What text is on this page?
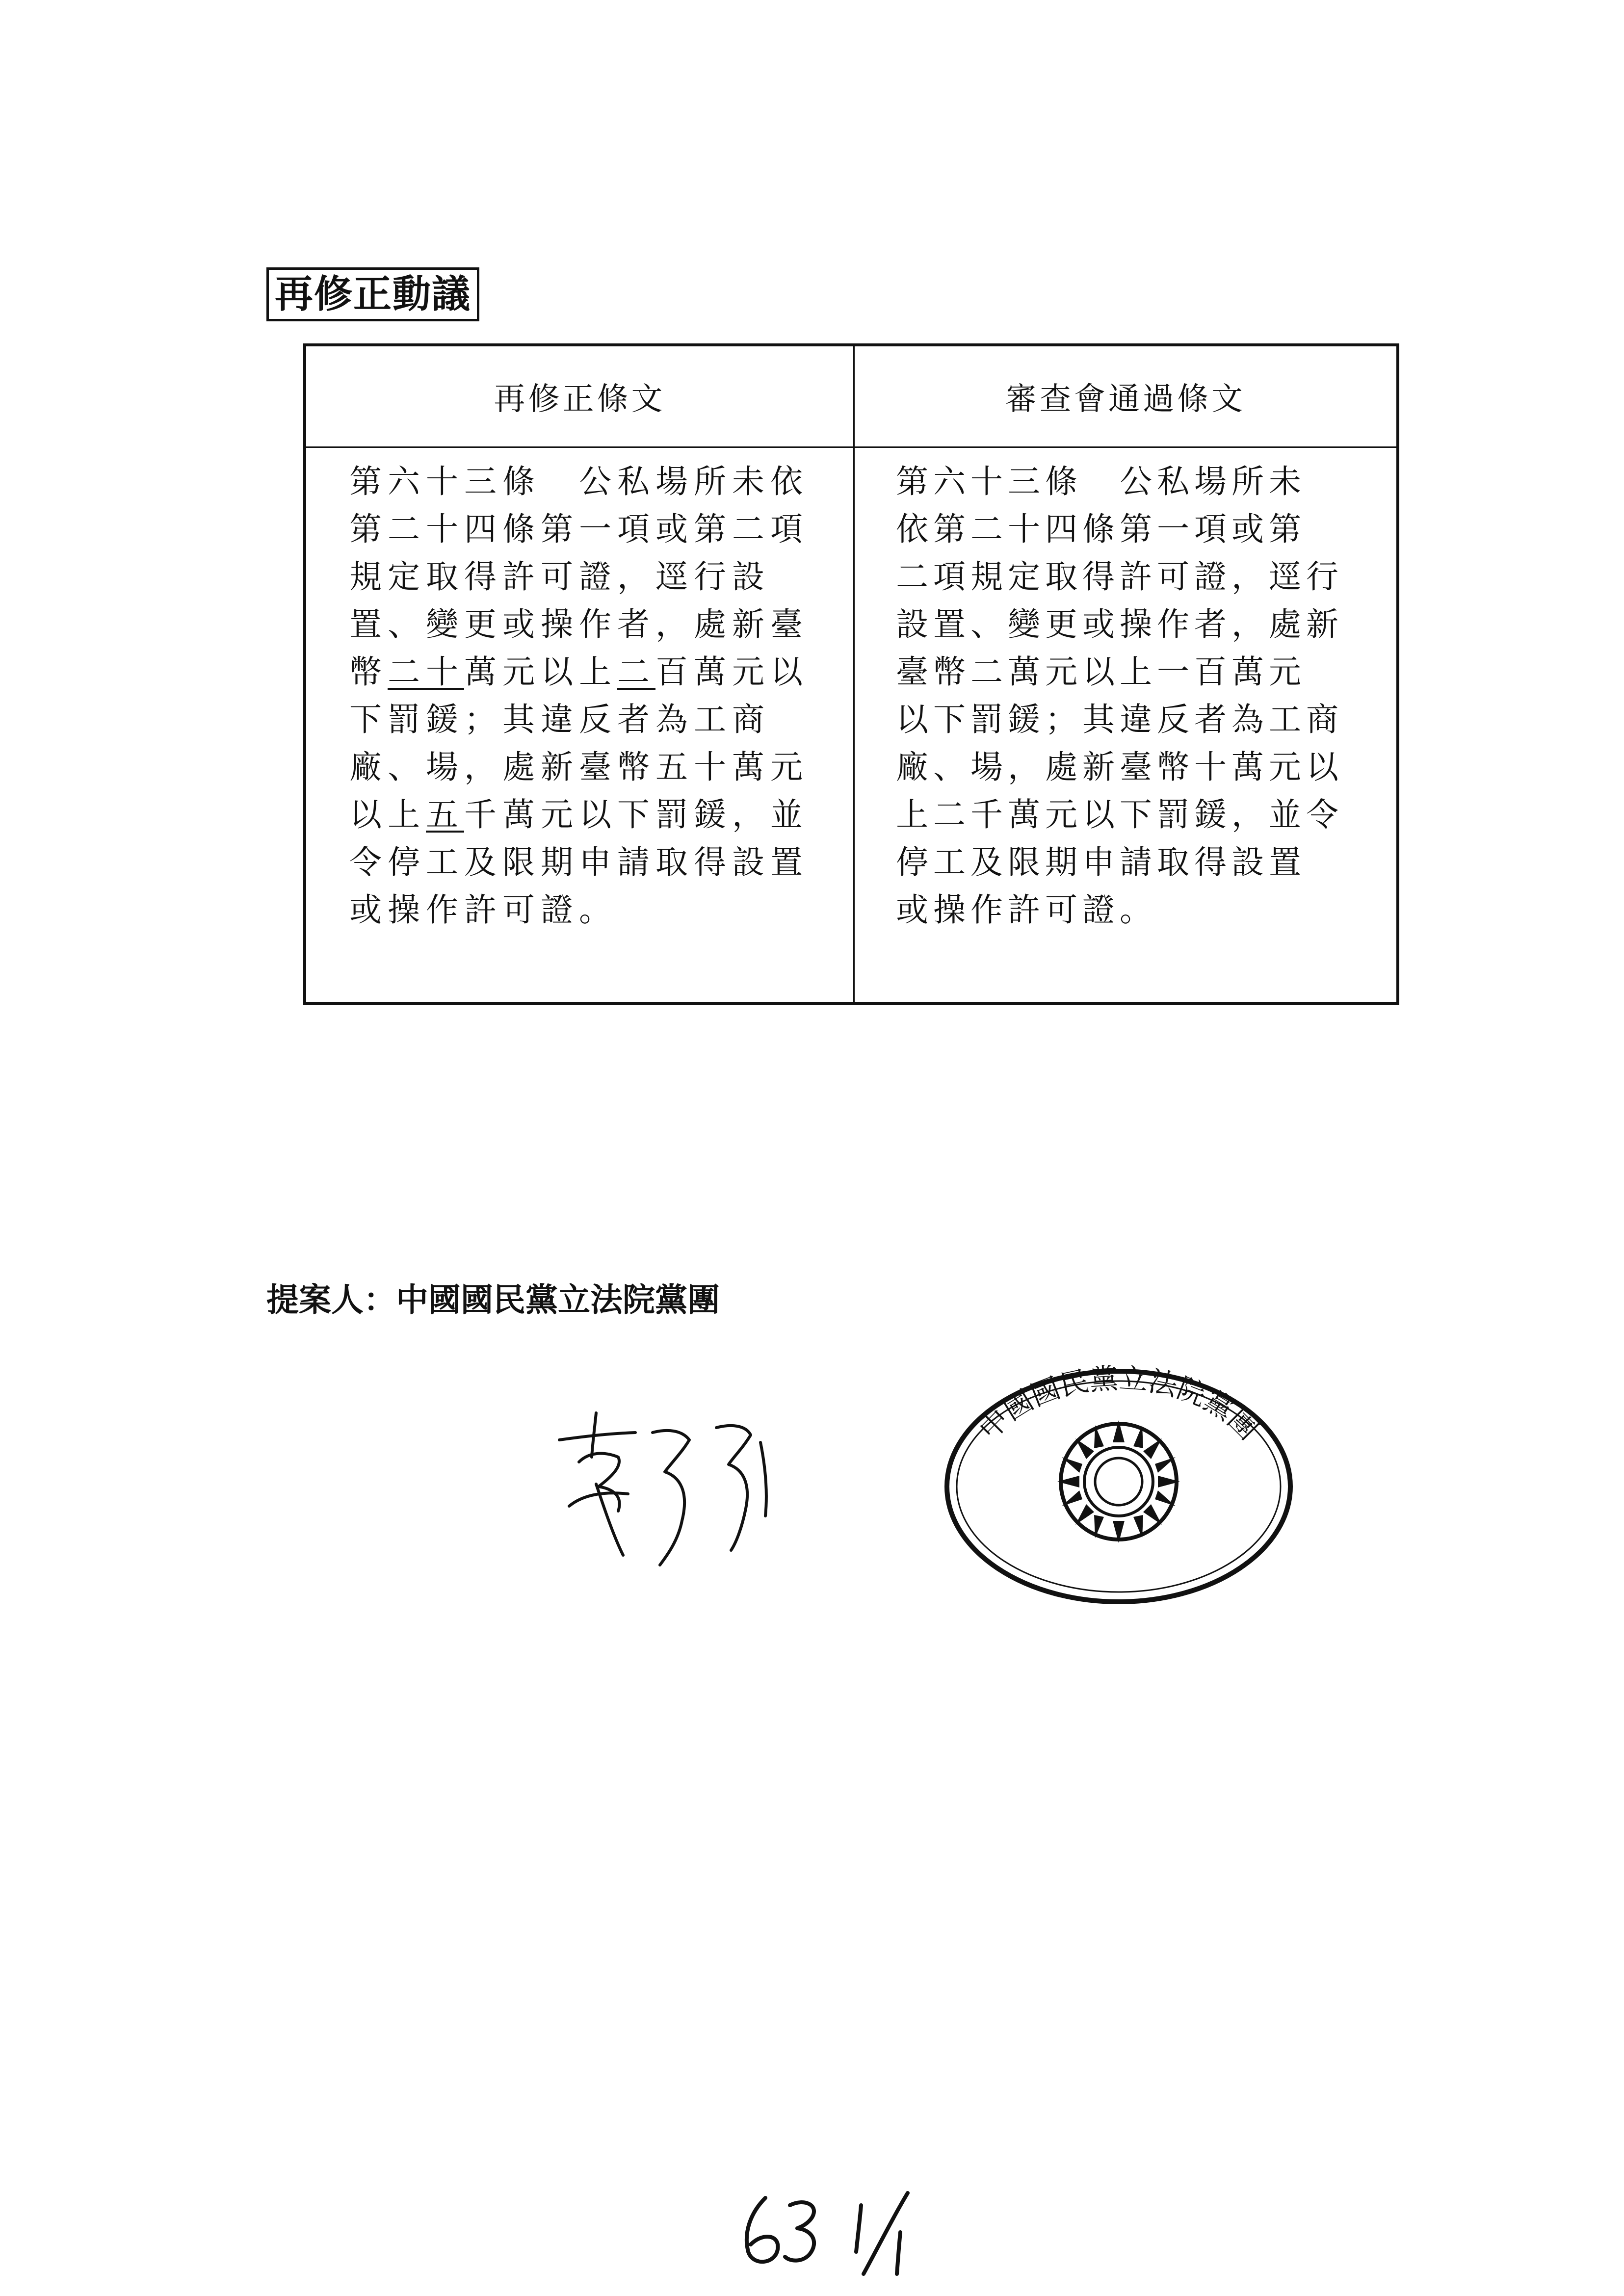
再修正動議
再修正條文	審查會通過條文
第六十三條　公私場所未依
第二十四條第一項或第二項
規定取得許可證，逕行設
置、變更或操作者，處新臺
幣二十萬元以上二百萬元以
下罰鍰；其違反者為工商
廠、場，處新臺幣五十萬元
以上五千萬元以下罰鍰，並
令停工及限期申請取得設置
或操作許可證。
第六十三條　公私場所未
依第二十四條第一項或第
二項規定取得許可證，逕行
設置、變更或操作者，處新
臺幣二萬元以上一百萬元
以下罰鍰；其違反者為工商
廠、場，處新臺幣十萬元以
上二千萬元以下罰鍰，並令
停工及限期申請取得設置
或操作許可證。
提案人：中國國民黨立法院黨團
中國國民黨立法院黨團
